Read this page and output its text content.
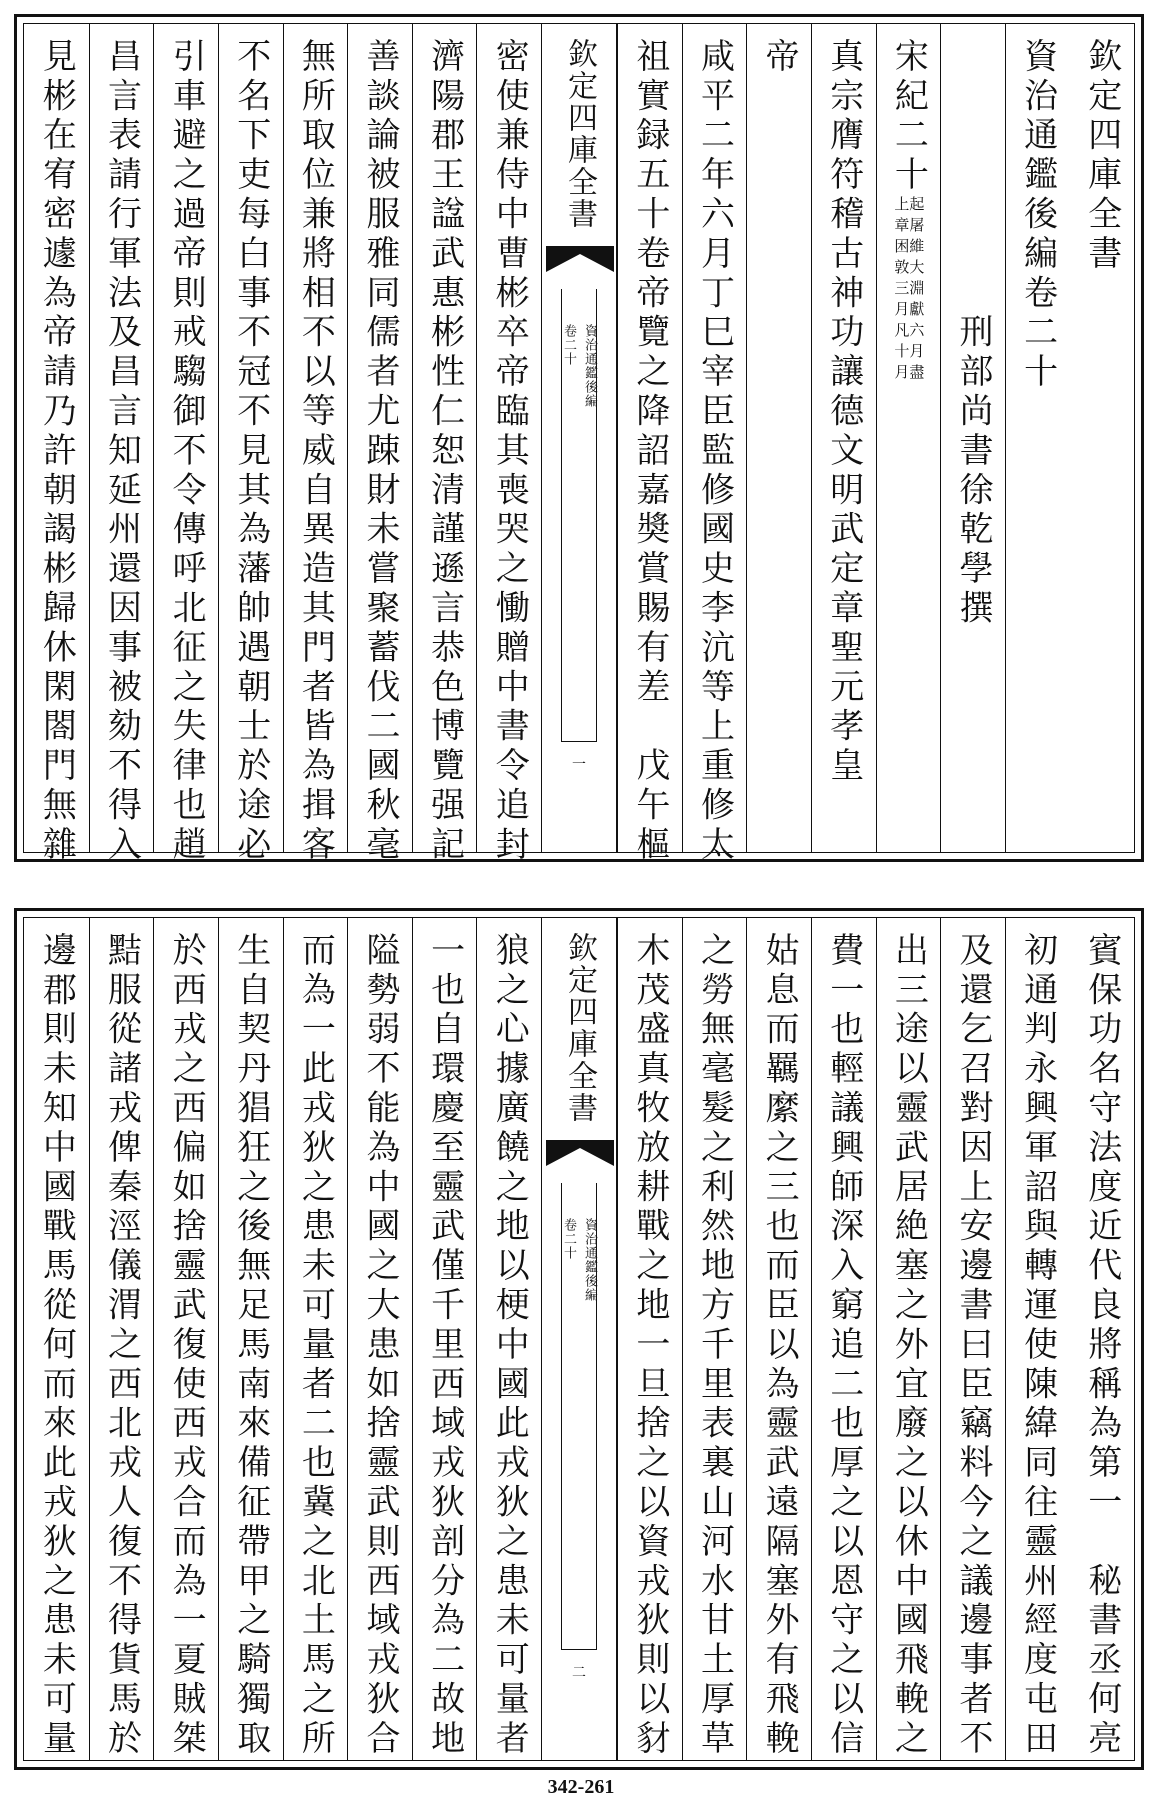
欽定四庫全書
資治通鑑後編卷二十
　　　　　　　刑部尚書徐乾學撰
宋紀二十
起屠維大淵獻六月盡
上章困敦三月凡十月
真宗膺符稽古神功讓德文明武定章聖元孝皇
帝
咸平二年六月丁巳宰臣監修國史李沆等上重修太
祖實録五十卷帝覽之降詔嘉奬賞賜有差　戊午樞
欽定四庫全書
資治通鑑後編
卷二十
一
密使兼侍中曹彬卒帝臨其喪哭之慟贈中書令追封
濟陽郡王諡武惠彬性仁恕清謹遜言恭色博覽强記
善談論被服雅同儒者尤踈財未嘗聚蓄伐二國秋毫
無所取位兼將相不以等威自異造其門者皆為揖客
不名下吏每白事不冠不見其為藩帥遇朝士於途必
引車避之過帝則戒騶御不令傳呼北征之失律也趙
昌言表請行軍法及昌言知延州還因事被劾不得入
見彬在宥密遽為帝請乃許朝謁彬歸休閑閤門無雜
賓保功名守法度近代良將稱為第一　秘書丞何亮
初通判永興軍詔與轉運使陳緯同往靈州經度屯田
及還乞召對因上安邊書曰臣竊料今之議邊事者不
出三途以靈武居絶塞之外宜廢之以休中國飛輓之
費一也輕議興師深入窮追二也厚之以恩守之以信
姑息而羈縻之三也而臣以為靈武遠隔塞外有飛輓
之勞無毫髮之利然地方千里表裏山河水甘土厚草
木茂盛真牧放耕戰之地一旦捨之以資戎狄則以豺
欽定四庫全書
資治通鑑後編
卷二十
二
狼之心據廣饒之地以梗中國此戎狄之患未可量者
一也自環慶至靈武僅千里西域戎狄剖分為二故地
隘勢弱不能為中國之大患如捨靈武則西域戎狄合
而為一此戎狄之患未可量者二也冀之北土馬之所
生自契丹猖狂之後無足馬南來備征帶甲之騎獨取
於西戎之西偏如捨靈武復使西戎合而為一夏賊桀
黠服從諸戎俾秦涇儀渭之西北戎人復不得貨馬於
邊郡則未知中國戰馬從何而來此戎狄之患未可量
342-261
